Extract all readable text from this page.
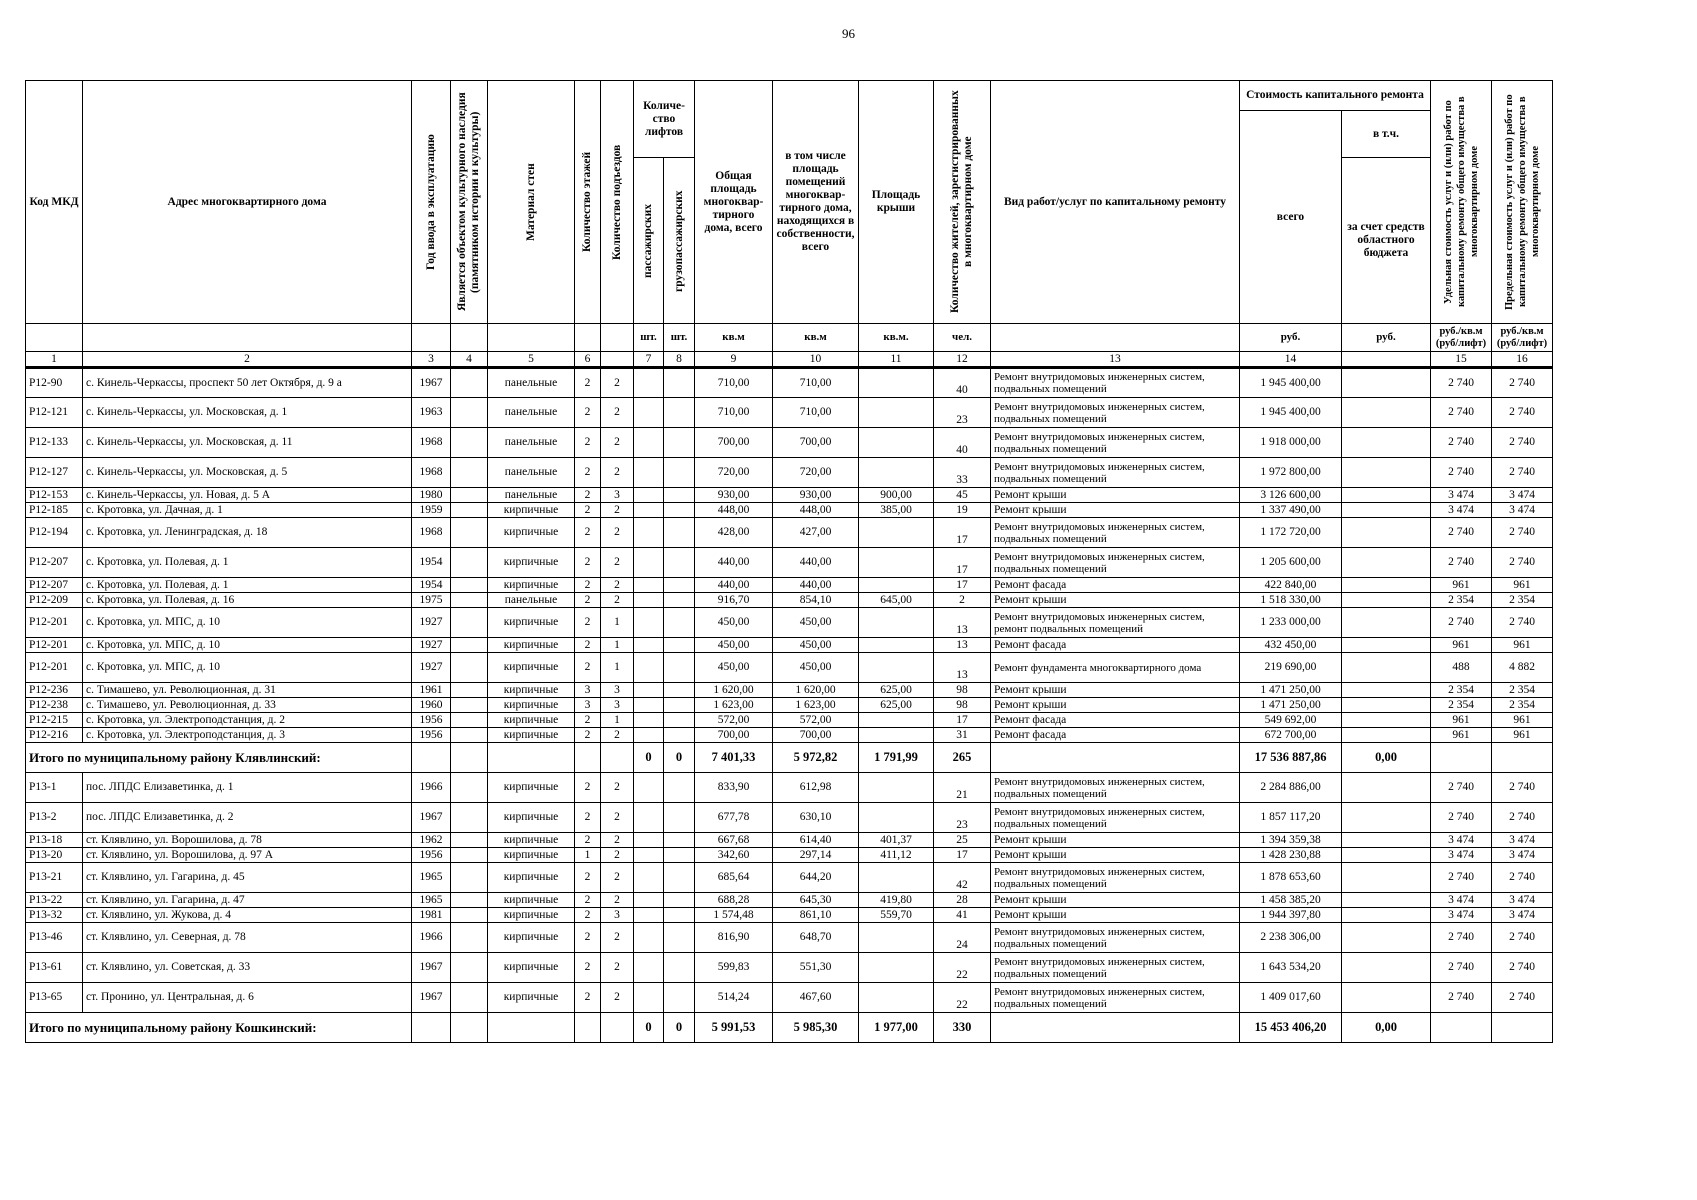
96
Код МКД	Адрес многоквартирного дома	Год ввода в эксплуатацию	Является объектом культурного наследия (памятником истории и культуры)	Материал стен	Количество этажей	Количество подъездов	Количе-ство лифтов		Общая площадь многоквар-тирного дома, всего	в том числе площадь помещений многоквар-тирного дома, находящихся в собственности, всего	Площадь крыши	Количество жителей, зарегистрированных в многоквартирном доме	Вид работ/услуг по капитальному ремонту	Стоимость капитального ремонта		Удельная стоимость услуг и (или) работ по капитальному ремонту общего имущества в многоквартирном доме	Предельная стоимость услуг и (или) работ по капитальному ремонту общего имущества в многоквартирном доме

														всего	в т.ч.		

							пассажирских	грузопассажирских							за счет средств областного бюджета		
							шт.	шт.	кв.м	кв.м	кв.м.	чел.		руб.	руб.	руб./кв.м (руб/лифт)	руб./кв.м (руб/лифт)
1	2	3	4	5	6		7	8	9	10	11	12	13	14		15	16
Р12-90	с. Кинель-Черкассы, проспект 50 лет Октября, д. 9 а	1967		панельные	2	2			710,00	710,00		40	Ремонт внутридомовых инженерных систем, подвальных помещений	1 945 400,00		2 740	2 740
Р12-121	с. Кинель-Черкассы, ул. Московская, д. 1	1963		панельные	2	2			710,00	710,00		23	Ремонт внутридомовых инженерных систем, подвальных помещений	1 945 400,00		2 740	2 740
Р12-133	с. Кинель-Черкассы, ул. Московская, д. 11	1968		панельные	2	2			700,00	700,00		40	Ремонт внутридомовых инженерных систем, подвальных помещений	1 918 000,00		2 740	2 740
Р12-127	с. Кинель-Черкассы, ул. Московская, д. 5	1968		панельные	2	2			720,00	720,00		33	Ремонт внутридомовых инженерных систем, подвальных помещений	1 972 800,00		2 740	2 740
Р12-153	с. Кинель-Черкассы, ул. Новая, д. 5 А	1980		панельные	2	3			930,00	930,00	900,00	45	Ремонт крыши	3 126 600,00		3 474	3 474
Р12-185	с. Кротовка, ул. Дачная, д. 1	1959		кирпичные	2	2			448,00	448,00	385,00	19	Ремонт крыши	1 337 490,00		3 474	3 474
Р12-194	с. Кротовка, ул. Ленинградская, д. 18	1968		кирпичные	2	2			428,00	427,00		17	Ремонт внутридомовых инженерных систем, подвальных помещений	1 172 720,00		2 740	2 740
Р12-207	с. Кротовка, ул. Полевая, д. 1	1954		кирпичные	2	2			440,00	440,00		17	Ремонт внутридомовых инженерных систем, подвальных помещений	1 205 600,00		2 740	2 740
Р12-207	с. Кротовка, ул. Полевая, д. 1	1954		кирпичные	2	2			440,00	440,00		17	Ремонт фасада	422 840,00		961	961
Р12-209	с. Кротовка, ул. Полевая, д. 16	1975		панельные	2	2			916,70	854,10	645,00	2	Ремонт крыши	1 518 330,00		2 354	2 354
Р12-201	с. Кротовка, ул. МПС, д. 10	1927		кирпичные	2	1			450,00	450,00		13	Ремонт внутридомовых инженерных систем, ремонт подвальных помещений	1 233 000,00		2 740	2 740
Р12-201	с. Кротовка, ул. МПС, д. 10	1927		кирпичные	2	1			450,00	450,00		13	Ремонт фасада	432 450,00		961	961
Р12-201	с. Кротовка, ул. МПС, д. 10	1927		кирпичные	2	1			450,00	450,00		13	Ремонт фундамента многоквартирного дома	219 690,00		488	4 882
Р12-236	с. Тимашево, ул. Революционная, д. 31	1961		кирпичные	3	3			1 620,00	1 620,00	625,00	98	Ремонт крыши	1 471 250,00		2 354	2 354
Р12-238	с. Тимашево, ул. Революционная, д. 33	1960		кирпичные	3	3			1 623,00	1 623,00	625,00	98	Ремонт крыши	1 471 250,00		2 354	2 354
Р12-215	с. Кротовка, ул. Электроподстанция, д. 2	1956		кирпичные	2	1			572,00	572,00		17	Ремонт фасада	549 692,00		961	961
Р12-216	с. Кротовка, ул. Электроподстанция, д. 3	1956		кирпичные	2	2			700,00	700,00		31	Ремонт фасада	672 700,00		961	961
Итого по муниципальному району Клявлинский:							0	0	7 401,33	5 972,82	1 791,99	265		17 536 887,86	0,00		
Р13-1	пос. ЛПДС Елизаветинка, д. 1	1966		кирпичные	2	2			833,90	612,98		21	Ремонт внутридомовых инженерных систем, подвальных помещений	2 284 886,00		2 740	2 740
Р13-2	пос. ЛПДС Елизаветинка, д. 2	1967		кирпичные	2	2			677,78	630,10		23	Ремонт внутридомовых инженерных систем, подвальных помещений	1 857 117,20		2 740	2 740
Р13-18	ст. Клявлино, ул. Ворошилова, д. 78	1962		кирпичные	2	2			667,68	614,40	401,37	25	Ремонт крыши	1 394 359,38		3 474	3 474
Р13-20	ст. Клявлино, ул. Ворошилова, д. 97 А	1956		кирпичные	1	2			342,60	297,14	411,12	17	Ремонт крыши	1 428 230,88		3 474	3 474
Р13-21	ст. Клявлино, ул. Гагарина, д. 45	1965		кирпичные	2	2			685,64	644,20		42	Ремонт внутридомовых инженерных систем, подвальных помещений	1 878 653,60		2 740	2 740
Р13-22	ст. Клявлино, ул. Гагарина, д. 47	1965		кирпичные	2	2			688,28	645,30	419,80	28	Ремонт крыши	1 458 385,20		3 474	3 474
Р13-32	ст. Клявлино, ул. Жукова, д. 4	1981		кирпичные	2	3			1 574,48	861,10	559,70	41	Ремонт крыши	1 944 397,80		3 474	3 474
Р13-46	ст. Клявлино, ул. Северная, д. 78	1966		кирпичные	2	2			816,90	648,70		24	Ремонт внутридомовых инженерных систем, подвальных помещений	2 238 306,00		2 740	2 740
Р13-61	ст. Клявлино, ул. Советская, д. 33	1967		кирпичные	2	2			599,83	551,30		22	Ремонт внутридомовых инженерных систем, подвальных помещений	1 643 534,20		2 740	2 740
Р13-65	ст. Пронино, ул. Центральная, д. 6	1967		кирпичные	2	2			514,24	467,60		22	Ремонт внутридомовых инженерных систем, подвальных помещений	1 409 017,60		2 740	2 740
Итого по муниципальному району Кошкинский:							0	0	5 991,53	5 985,30	1 977,00	330		15 453 406,20	0,00		
